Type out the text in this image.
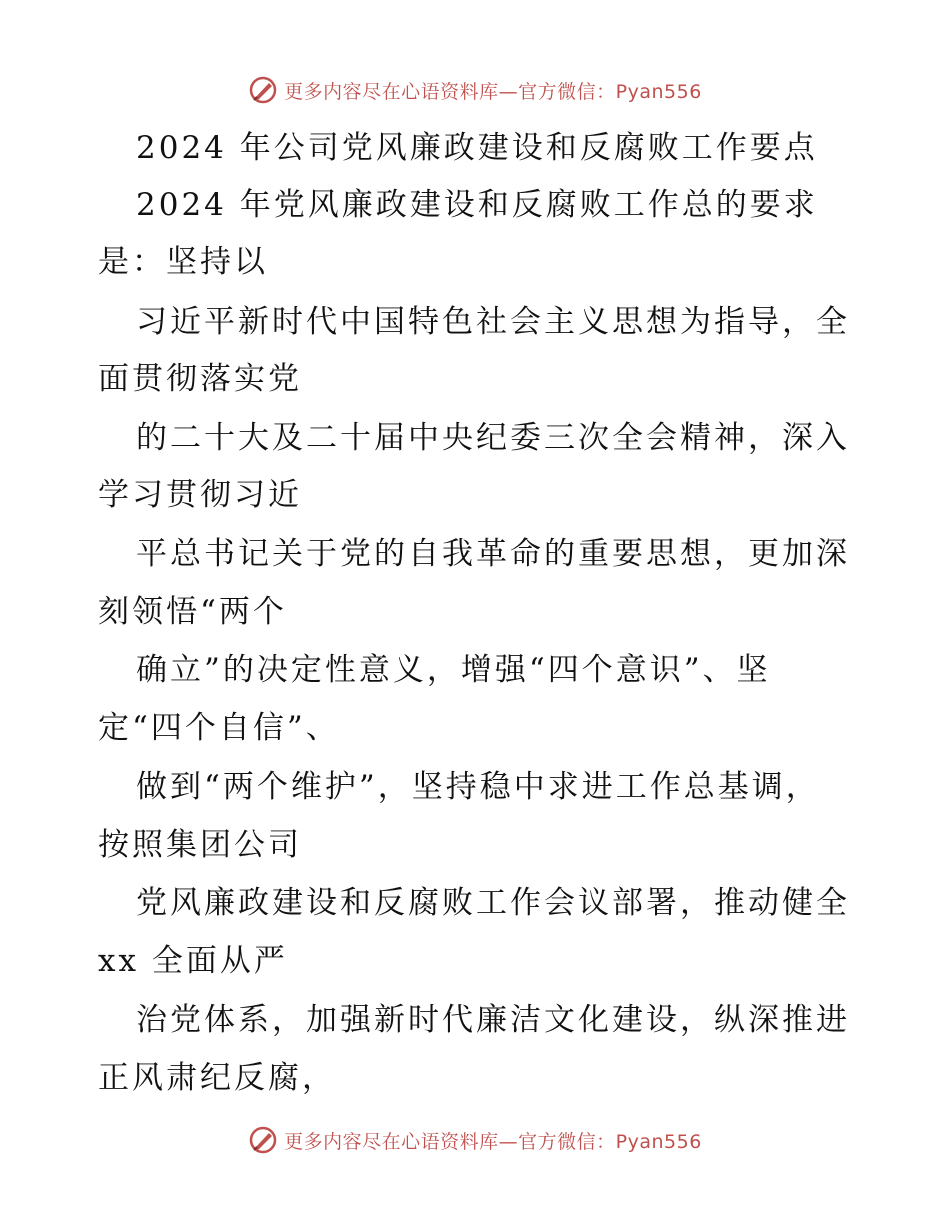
更多内容尽在心语资料库—官方微信：Pyan556
2024 年公司党风廉政建设和反腐败工作要点
2024 年党风廉政建设和反腐败工作总的要求
是：坚持以
习近平新时代中国特色社会主义思想为指导，全
面贯彻落实党
的二十大及二十届中央纪委三次全会精神，深入
学习贯彻习近
平总书记关于党的自我革命的重要思想，更加深
刻领悟“两个
确立”的决定性意义，增强“四个意识”、坚
定“四个自信”、
做到“两个维护”，坚持稳中求进工作总基调，
按照集团公司
党风廉政建设和反腐败工作会议部署，推动健全
xx 全面从严
治党体系，加强新时代廉洁文化建设，纵深推进
正风肃纪反腐，
更多内容尽在心语资料库—官方微信：Pyan556
